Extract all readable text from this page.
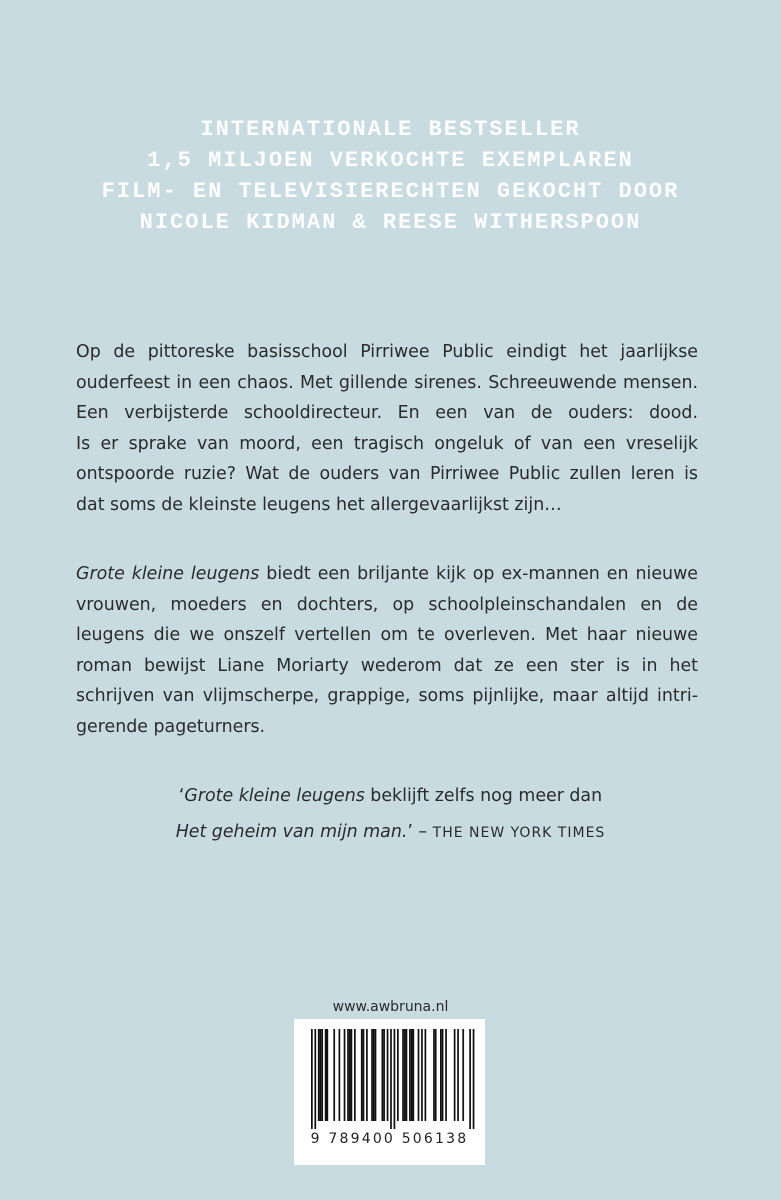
INTERNATIONALE BESTSELLER
1,5 MILJOEN VERKOCHTE EXEMPLAREN
FILM- EN TELEVISIERECHTEN GEKOCHT DOOR
NICOLE KIDMAN & REESE WITHERSPOON
Op de pittoreske basisschool Pirriwee Public eindigt het jaarlijkse
ouderfeest in een chaos. Met gillende sirenes. Schreeuwende mensen.
Een verbijsterde schooldirecteur. En een van de ouders: dood.
Is er sprake van moord, een tragisch ongeluk of van een vreselijk
ontspoorde ruzie? Wat de ouders van Pirriwee Public zullen leren is
dat soms de kleinste leugens het allergevaarlijkst zijn…
Grote kleine leugens biedt een briljante kijk op ex-mannen en nieuwe
vrouwen, moeders en dochters, op schoolpleinschandalen en de
leugens die we onszelf vertellen om te overleven. Met haar nieuwe
roman bewijst Liane Moriarty wederom dat ze een ster is in het
schrijven van vlijmscherpe, grappige, soms pijnlijke, maar altijd intri-
gerende pageturners.
‘Grote kleine leugens beklijft zelfs nog meer dan
Het geheim van mijn man.’ – THE NEW YORK TIMES
www.awbruna.nl
9 789400 506138
